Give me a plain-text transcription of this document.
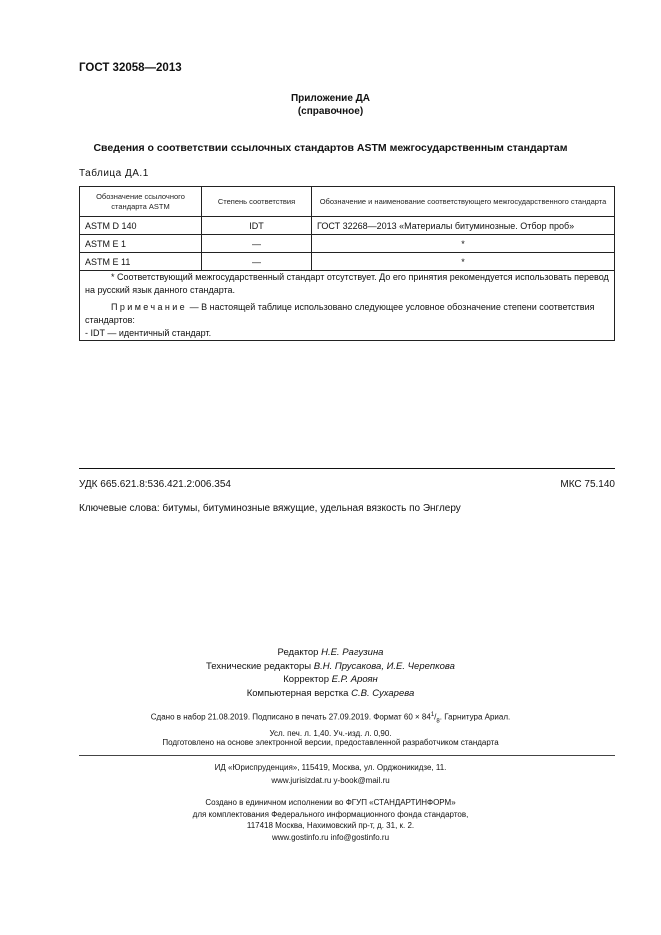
ГОСТ 32058—2013
Приложение ДА
(справочное)
Сведения о соответствии ссылочных стандартов ASTM межгосударственным стандартам
Таблица ДА.1
Обозначение ссылочного стандарта ASTM	Степень соответствия	Обозначение и наименование соответствующего межгосударственного стандарта
ASTM D 140	IDT	ГОСТ 32268—2013 «Материалы битуминозные. Отбор проб»
ASTM E 1	—	*
ASTM E 11	—	*

* Соответствующий межгосударственный стандарт отсутствует. До его принятия рекомендуется использовать перевод на русский язык данного стандарта.
Примечание — В настоящей таблице использовано следующее условное обозначение степени соответствия стандартов:
- IDT — идентичный стандарт.		
УДК 665.621.8:536.421.2:006.354	МКС 75.140
Ключевые слова: битумы, битуминозные вяжущие, удельная вязкость по Энглеру
Редактор Н.Е. Рагузина
Технические редакторы В.Н. Прусакова, И.Е. Черепкова
Корректор Е.Р. Ароян
Компьютерная верстка С.В. Сухарева
Сдано в набор 21.08.2019. Подписано в печать 27.09.2019. Формат $60 \times 84^1/_8$. Гарнитура Ариал.
Усл. печ. л. 1,40. Уч.-изд. л. 0,90.
Подготовлено на основе электронной версии, предоставленной разработчиком стандарта
ИД «Юриспруденция», 115419, Москва, ул. Орджоникидзе, 11.
www.jurisizdat.ru y-book@mail.ru
Создано в единичном исполнении во ФГУП «СТАНДАРТИНФОРМ»
для комплектования Федерального информационного фонда стандартов,
117418 Москва, Нахимовский пр-т, д. 31, к. 2.
www.gostinfo.ru info@gostinfo.ru
